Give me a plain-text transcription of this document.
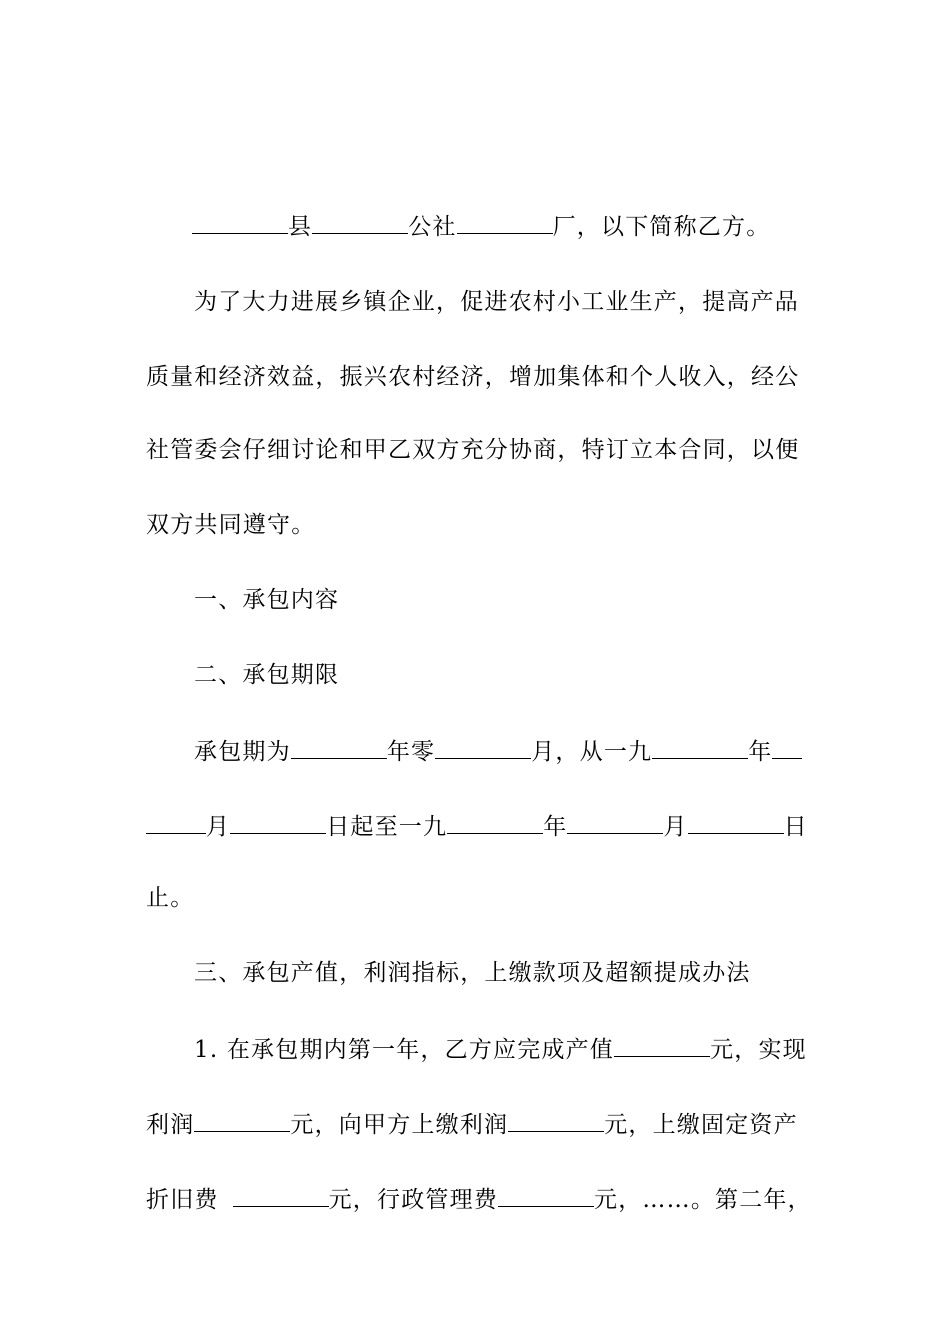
县	公社	厂，以下简称乙方。
为了大力进展乡镇企业，促进农村小工业生产，提高产品
质量和经济效益，振兴农村经济，增加集体和个人收入，经公
社管委会仔细讨论和甲乙双方充分协商，特订立本合同，以便
双方共同遵守。
一、承包内容
二、承包期限
承包期为	年零	月，从一九	年
月	日起至一九	年	月	日
止。
三、承包产值，利润指标，上缴款项及超额提成办法
1. 在承包期内第一年，乙方应完成产值	元，实现
利润	元，向甲方上缴利润	元，上缴固定资产
折旧费	元，行政管理费	元，……。第二年，
